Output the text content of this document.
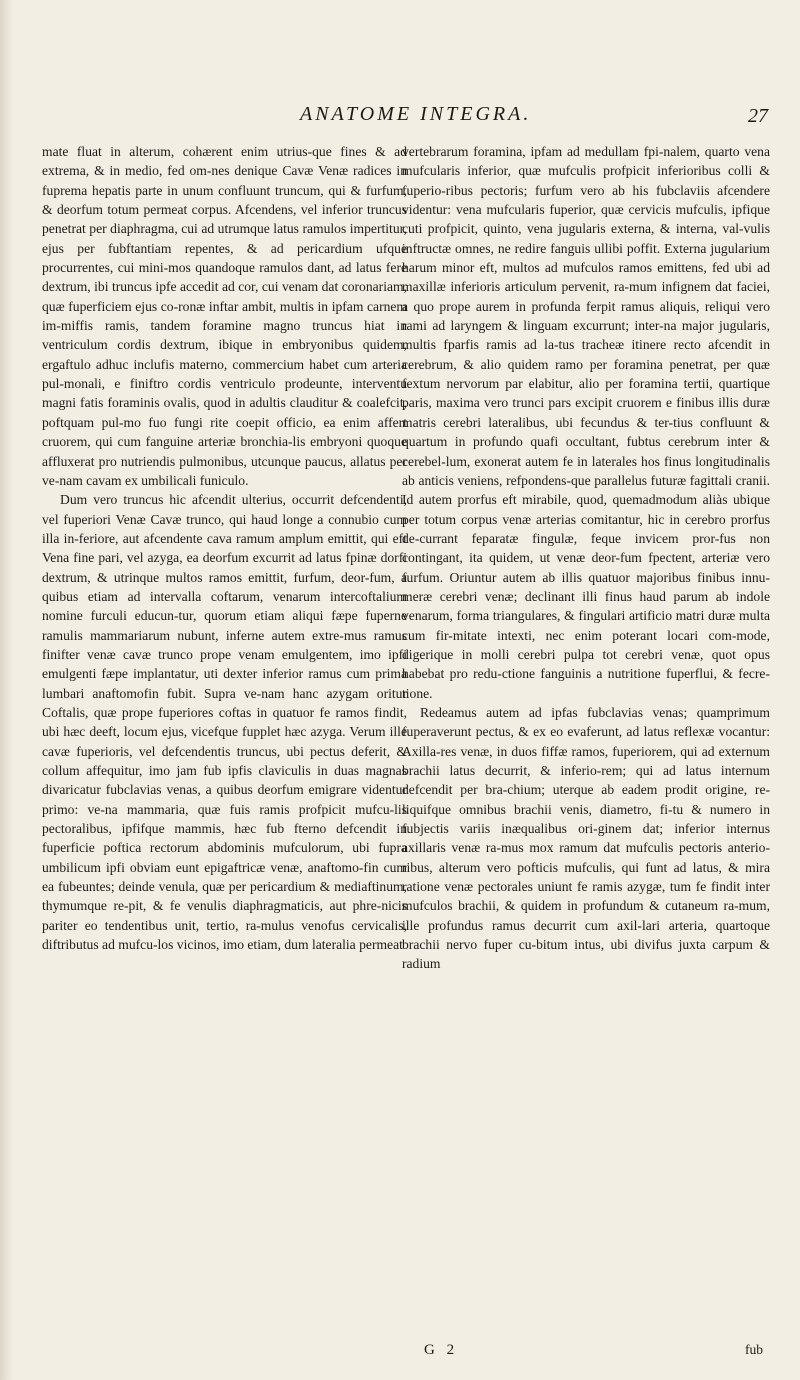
ANATOME INTEGRA.	27

mate fluat in alterum, cohærent enim utrius-que fines & ad extrema, & in medio, fed om-nes denique Cavæ Venæ radices in fuprema hepatis parte in unum confluunt truncum, qui & furfum, & deorfum totum permeat corpus. Afcendens, vel inferior truncus penetrat per diaphragma, cui ad utrumque latus ramulos impertitur, ejus per fubftantiam repentes, & ad pericardium ufque procurrentes, cui mini-mos quandoque ramulos dant, ad latus fere dextrum, ibi truncus ipfe accedit ad cor, cui venam dat coronariam, quæ fuperficiem ejus co-ronæ inftar ambit, multis in ipfam carnem im-miffis ramis, tandem foramine magno truncus hiat in ventriculum cordis dextrum, ibique in embryonibus quidem, ergaftulo adhuc inclufis materno, commercium habet cum arteria pul-monali, e finiftro cordis ventriculo prodeunte, interventu magni fatis foraminis ovalis, quod in adultis clauditur & coalefcit, poftquam pul-mo fuo fungi rite coepit officio, ea enim affert cruorem, qui cum fanguine arteriæ bronchia-lis embryoni quoque affluxerat pro nutriendis pulmonibus, utcunque paucus, allatus per ve-nam cavam ex umbilicali funiculo.

Dum vero truncus hic afcendit ulterius, occurrit defcendenti, vel fuperiori Venæ Cavæ trunco, qui haud longe a connubio cum illa in-feriore, aut afcendente cava ramum amplum emittit, qui eft Vena fine pari, vel azyga, ea deorfum excurrit ad latus fpinæ dorfi dextrum, & utrinque multos ramos emittit, furfum, deor-fum, a quibus etiam ad intervalla coftarum, venarum intercoftalium nomine furculi educun-tur, quorum etiam aliqui fæpe fuperne ramulis mammariarum nubunt, inferne autem extre-mus ramus finifter venæ cavæ trunco prope venam emulgentem, imo ipfi emulgenti fæpe implantatur, uti dexter inferior ramus cum prima lumbari anaftomofin fubit. Supra ve-nam hanc azygam oritur Coftalis, quæ prope fuperiores coftas in quatuor fe ramos findit, ubi hæc deeft, locum ejus, vicefque fupplet hæc azyga. Verum ille cavæ fuperioris, vel defcendentis truncus, ubi pectus deferit, & collum affequitur, imo jam fub ipfis claviculis in duas magnas divaricatur fubclavias venas, a quibus deorfum emigrare videntur primo: ve-na mammaria, quæ fuis ramis profpicit mufcu-lis pectoralibus, ipfifque mammis, hæc fub fterno defcendit in fuperficie poftica rectorum abdominis mufculorum, ubi fupra umbilicum ipfi obviam eunt epigaftricæ venæ, anaftomo-fin cum ea fubeuntes; deinde venula, quæ per pericardium & mediaftinum, thymumque re-pit, & fe venulis diaphragmaticis, aut phre-nicis pariter eo tendentibus unit, tertio, ra-mulus venofus cervicalis, diftributus ad mufcu-los vicinos, imo etiam, dum lateralia permeat

vertebrarum foramina, ipfam ad medullam fpi-nalem, quarto vena mufcularis inferior, quæ mufculis profpicit inferioribus colli & fuperio-ribus pectoris; furfum vero ab his fubclaviis afcendere videntur: vena mufcularis fuperior, quæ cervicis mufculis, ipfique cuti profpicit, quinto, vena jugularis externa, & interna, val-vulis inftructæ omnes, ne redire fanguis ullibi poffit. Externa jugularium harum minor eft, multos ad mufculos ramos emittens, fed ubi ad maxillæ inferioris articulum pervenit, ra-mum infignem dat faciei, a quo prope aurem in profunda ferpit ramus aliquis, reliqui vero rami ad laryngem & linguam excurrunt; inter-na major jugularis, multis fparfis ramis ad la-tus tracheæ itinere recto afcendit in cerebrum, & alio quidem ramo per foramina penetrat, per quæ fextum nervorum par elabitur, alio per foramina tertii, quartique paris, maxima vero trunci pars excipit cruorem e finibus illis duræ matris cerebri lateralibus, ubi fecundus & ter-tius confluunt & quartum in profundo quafi occultant, fubtus cerebrum inter & cerebel-lum, exonerat autem fe in laterales hos finus longitudinalis ab anticis veniens, refpondens-que parallelus futuræ fagittali cranii. Id autem prorfus eft mirabile, quod, quemadmodum aliàs ubique per totum corpus venæ arterias comitantur, hic in cerebro prorfus de-currant feparatæ fingulæ, feque invicem pror-fus non contingant, ita quidem, ut venæ deor-fum fpectent, arteriæ vero furfum. Oriuntur autem ab illis quatuor majoribus finibus innu-meræ cerebri venæ; declinant illi finus haud parum ab indole venarum, forma triangulares, & fingulari artificio matri duræ multa cum fir-mitate intexti, nec enim poterant locari com-mode, digerique in molli cerebri pulpa tot cerebri venæ, quot opus habebat pro redu-ctione fanguinis a nutritione fuperflui, & fecre-tione.

Redeamus autem ad ipfas fubclavias venas; quamprimum fuperaverunt pectus, & ex eo evaferunt, ad latus reflexæ vocantur: Axilla-res venæ, in duos fiffæ ramos, fuperiorem, qui ad externum brachii latus decurrit, & inferio-rem; qui ad latus internum defcendit per bra-chium; uterque ab eadem prodit origine, re-liquifque omnibus brachii venis, diametro, fi-tu & numero in fubjectis variis inæqualibus ori-ginem dat; inferior internus axillaris venæ ra-mus mox ramum dat mufculis pectoris anterio-ribus, alterum vero pofticis mufculis, qui funt ad latus, & mira ratione venæ pectorales uniunt fe ramis azygæ, tum fe findit inter mufculos brachii, & quidem in profundum & cutaneum ra-mum, ille profundus ramus decurrit cum axil-lari arteria, quartoque brachii nervo fuper cu-bitum intus, ubi divifus juxta carpum & radium

G 2	fub
